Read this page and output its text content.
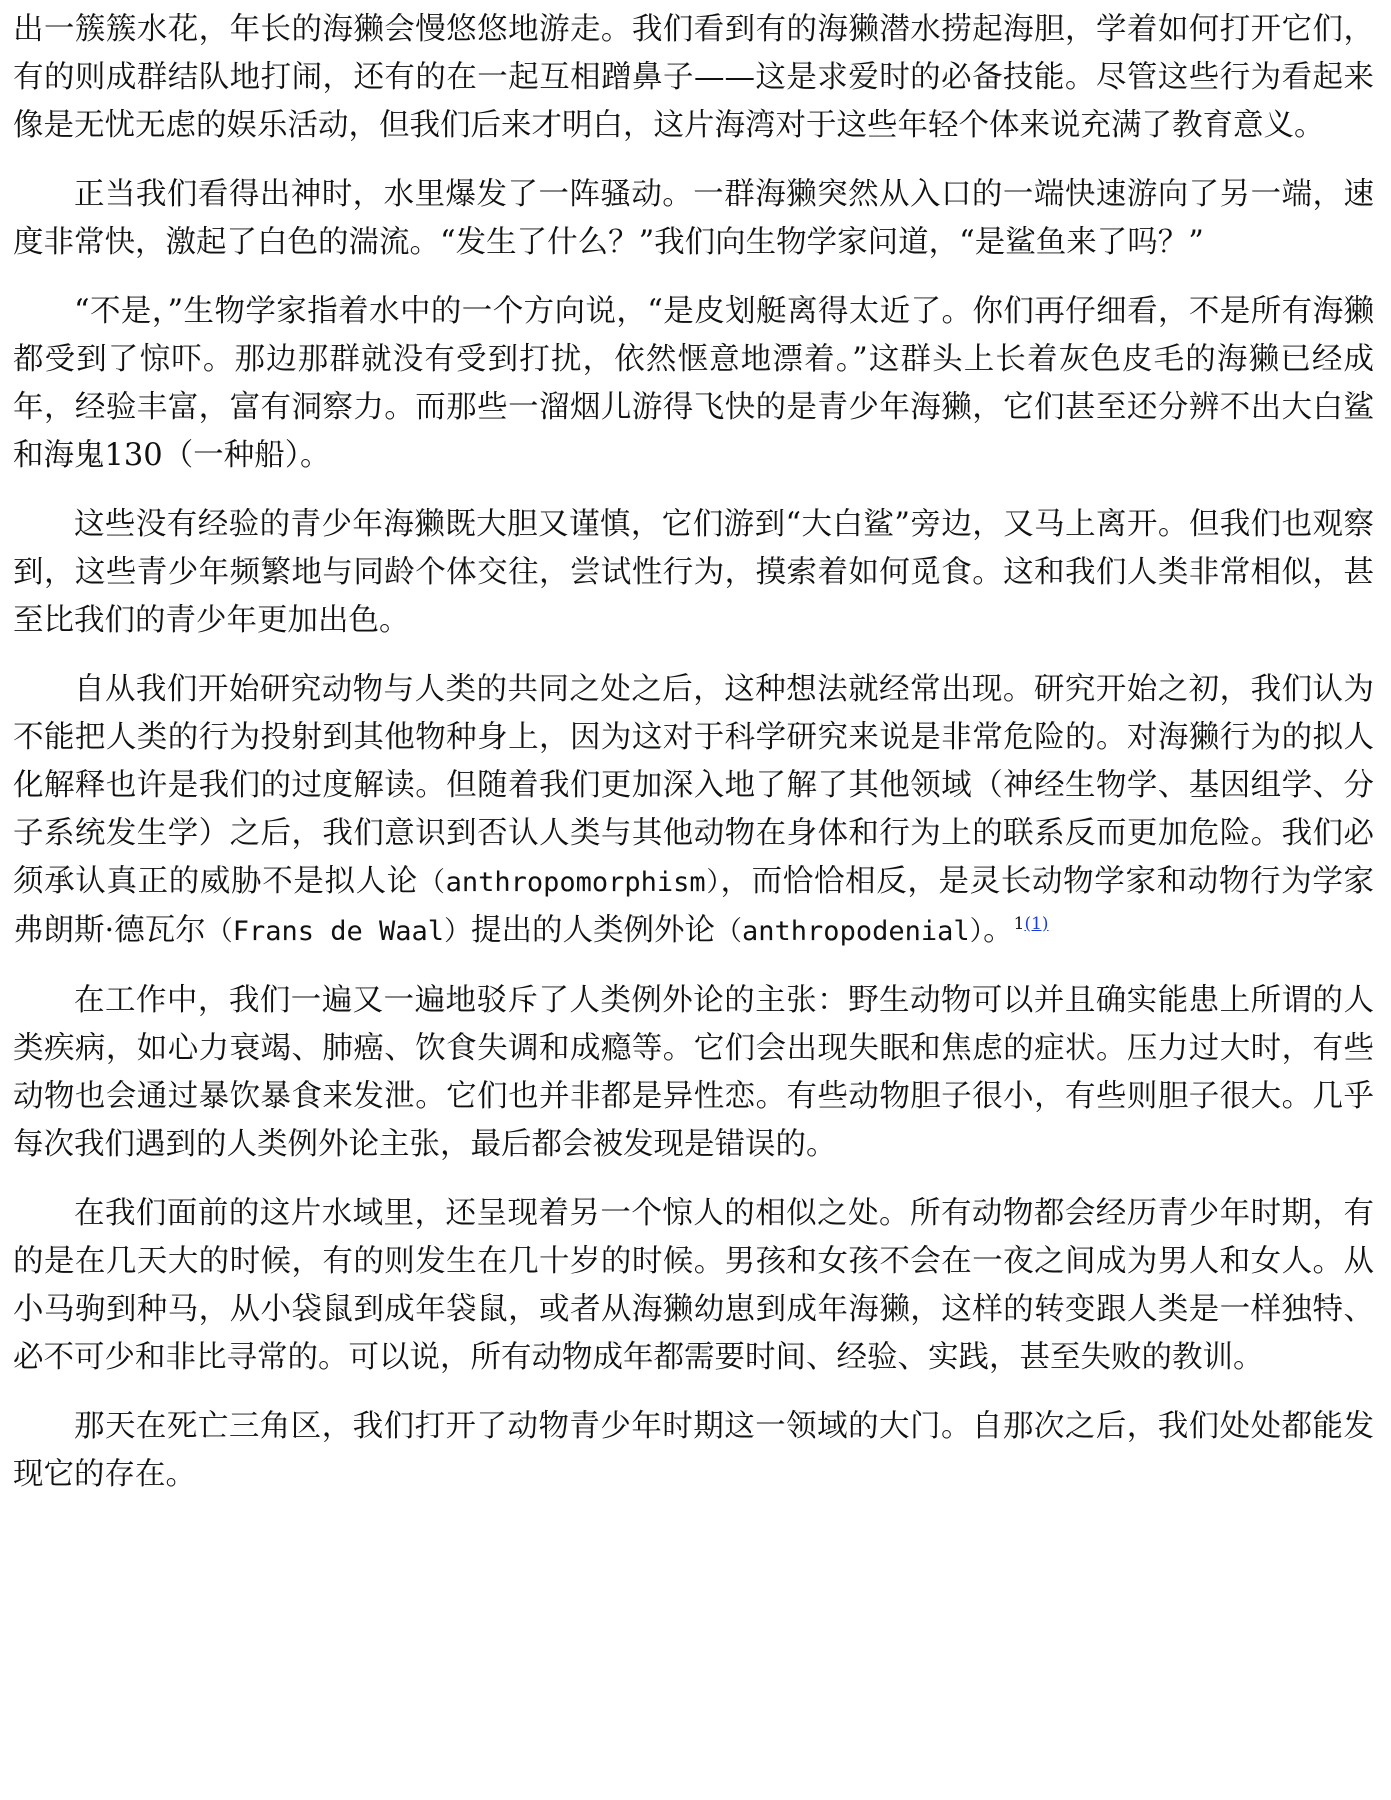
出一簇簇水花，年长的海獭会慢悠悠地游走。我们看到有的海獭潜水捞起海胆，学着如何打开它们，有的则成群结队地打闹，还有的在一起互相蹭鼻子——这是求爱时的必备技能。尽管这些行为看起来像是无忧无虑的娱乐活动，但我们后来才明白，这片海湾对于这些年轻个体来说充满了教育意义。

正当我们看得出神时，水里爆发了一阵骚动。一群海獭突然从入口的一端快速游向了另一端，速度非常快，激起了白色的湍流。“发生了什么？”我们向生物学家问道，“是鲨鱼来了吗？”

“不是，”生物学家指着水中的一个方向说，“是皮划艇离得太近了。你们再仔细看，不是所有海獭都受到了惊吓。那边那群就没有受到打扰，依然惬意地漂着。”这群头上长着灰色皮毛的海獭已经成年，经验丰富，富有洞察力。而那些一溜烟儿游得飞快的是青少年海獭，它们甚至还分辨不出大白鲨和海鬼130（一种船）。

这些没有经验的青少年海獭既大胆又谨慎，它们游到“大白鲨”旁边，又马上离开。但我们也观察到，这些青少年频繁地与同龄个体交往，尝试性行为，摸索着如何觅食。这和我们人类非常相似，甚至比我们的青少年更加出色。

自从我们开始研究动物与人类的共同之处之后，这种想法就经常出现。研究开始之初，我们认为不能把人类的行为投射到其他物种身上，因为这对于科学研究来说是非常危险的。对海獭行为的拟人化解释也许是我们的过度解读。但随着我们更加深入地了解了其他领域（神经生物学、基因组学、分子系统发生学）之后，我们意识到否认人类与其他动物在身体和行为上的联系反而更加危险。我们必须承认真正的威胁不是拟人论（anthropomorphism），而恰恰相反，是灵长动物学家和动物行为学家弗朗斯·德瓦尔（Frans de Waal）提出的人类例外论（anthropodenial）。$^{1(1)}$

在工作中，我们一遍又一遍地驳斥了人类例外论的主张：野生动物可以并且确实能患上所谓的人类疾病，如心力衰竭、肺癌、饮食失调和成瘾等。它们会出现失眠和焦虑的症状。压力过大时，有些动物也会通过暴饮暴食来发泄。它们也并非都是异性恋。有些动物胆子很小，有些则胆子很大。几乎每次我们遇到的人类例外论主张，最后都会被发现是错误的。

在我们面前的这片水域里，还呈现着另一个惊人的相似之处。所有动物都会经历青少年时期，有的是在几天大的时候，有的则发生在几十岁的时候。男孩和女孩不会在一夜之间成为男人和女人。从小马驹到种马，从小袋鼠到成年袋鼠，或者从海獭幼崽到成年海獭，这样的转变跟人类是一样独特、必不可少和非比寻常的。可以说，所有动物成年都需要时间、经验、实践，甚至失败的教训。

那天在死亡三角区，我们打开了动物青少年时期这一领域的大门。自那次之后，我们处处都能发现它的存在。
